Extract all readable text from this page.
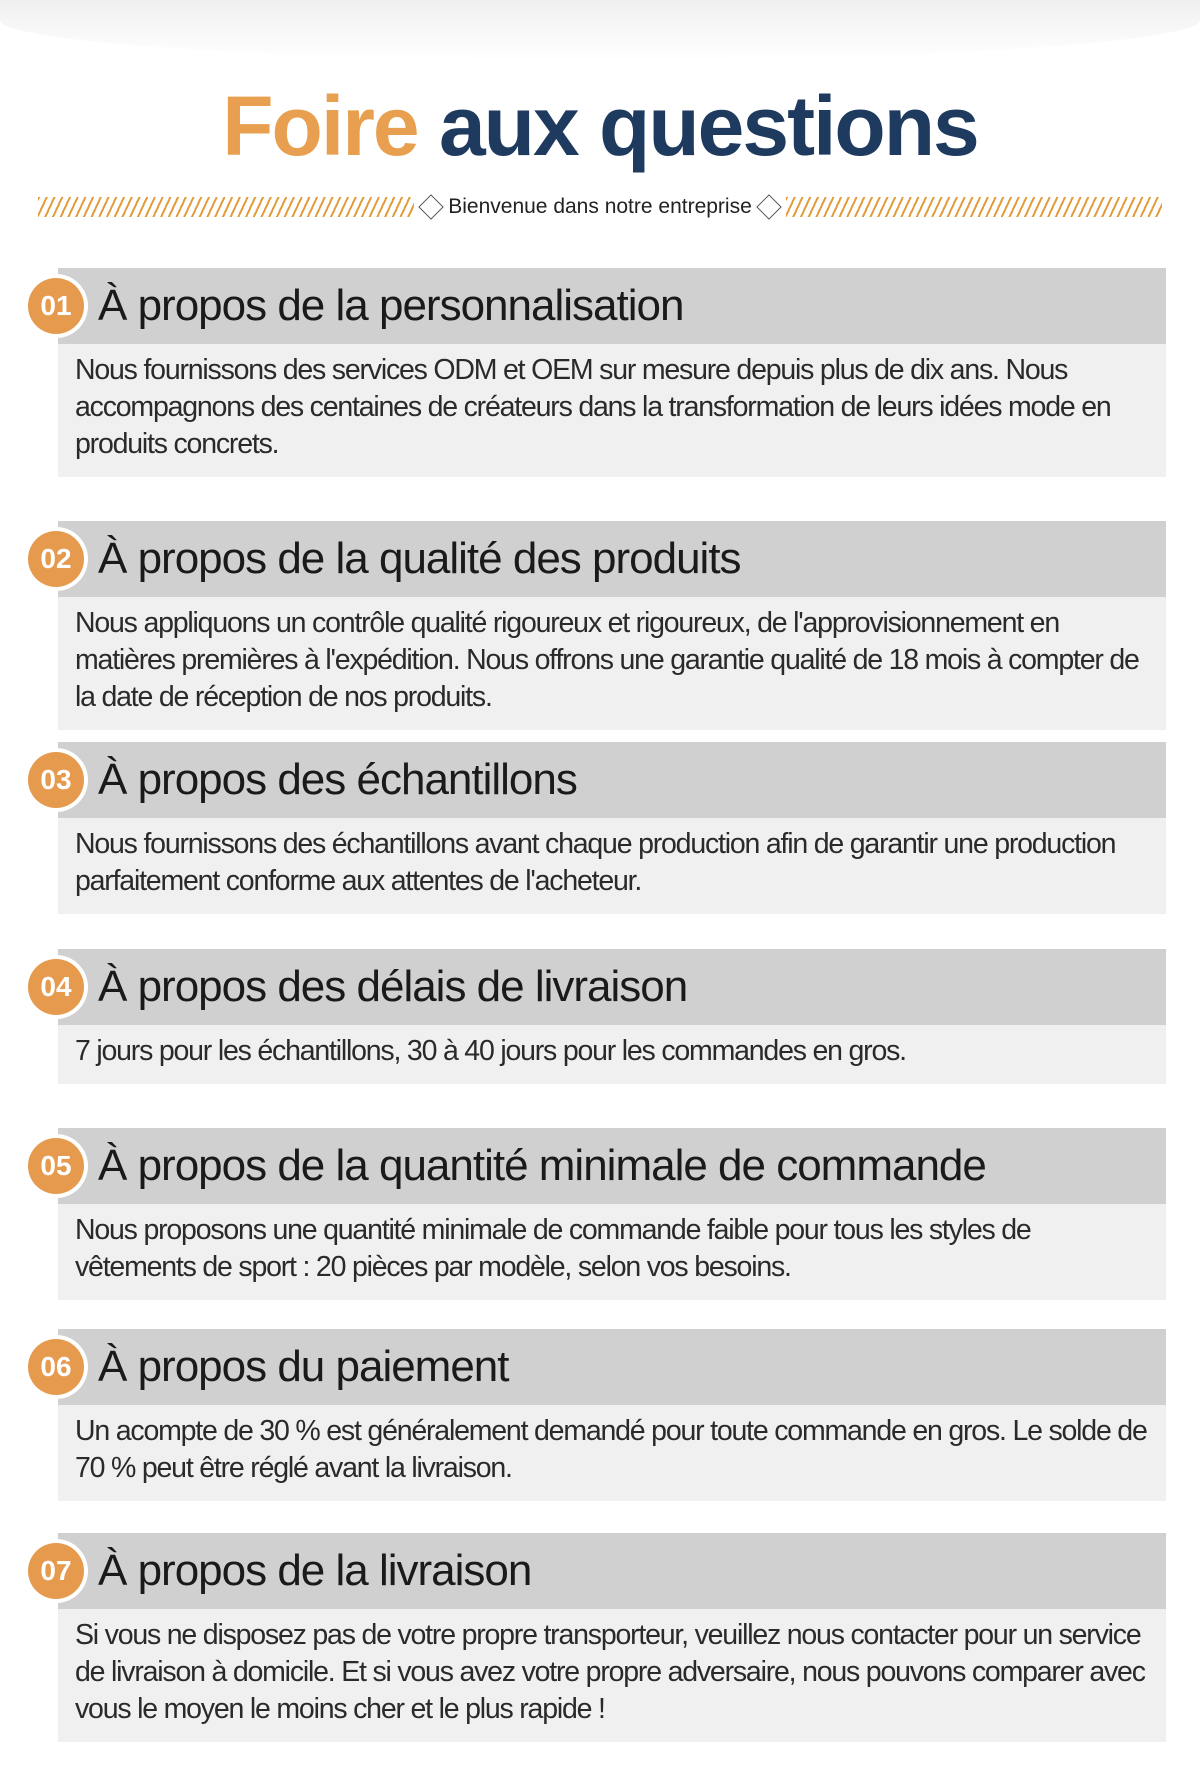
Foire aux questions
Bienvenue dans notre entreprise
01 À propos de la personnalisation
Nous fournissons des services ODM et OEM sur mesure depuis plus de dix ans. Nous accompagnons des centaines de créateurs dans la transformation de leurs idées mode en produits concrets.
02 À propos de la qualité des produits
Nous appliquons un contrôle qualité rigoureux et rigoureux, de l'approvisionnement en matières premières à l'expédition. Nous offrons une garantie qualité de 18 mois à compter de la date de réception de nos produits.
03 À propos des échantillons
Nous fournissons des échantillons avant chaque production afin de garantir une production parfaitement conforme aux attentes de l'acheteur.
04 À propos des délais de livraison
7 jours pour les échantillons, 30 à 40 jours pour les commandes en gros.
05 À propos de la quantité minimale de commande
Nous proposons une quantité minimale de commande faible pour tous les styles de vêtements de sport : 20 pièces par modèle, selon vos besoins.
06 À propos du paiement
Un acompte de 30 % est généralement demandé pour toute commande en gros. Le solde de 70 % peut être réglé avant la livraison.
07 À propos de la livraison
Si vous ne disposez pas de votre propre transporteur, veuillez nous contacter pour un service de livraison à domicile. Et si vous avez votre propre adversaire, nous pouvons comparer avec vous le moyen le moins cher et le plus rapide !
